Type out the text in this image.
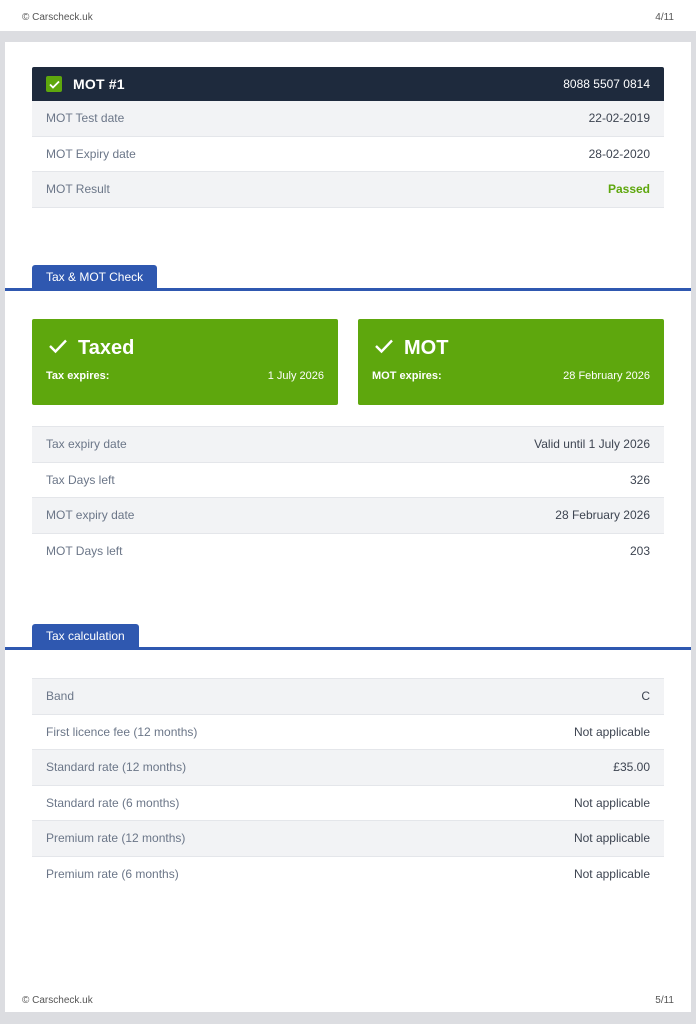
© Carscheck.uk	4/11
MOT #1	8088 5507 0814
MOT Test date	22-02-2019
MOT Expiry date	28-02-2020
MOT Result	Passed
Tax & MOT Check
Taxed
Tax expires:	1 July 2026
MOT
MOT expires:	28 February 2026
Tax expiry date	Valid until 1 July 2026
Tax Days left	326
MOT expiry date	28 February 2026
MOT Days left	203
Tax calculation
Band	C
First licence fee (12 months)	Not applicable
Standard rate (12 months)	£35.00
Standard rate (6 months)	Not applicable
Premium rate (12 months)	Not applicable
Premium rate (6 months)	Not applicable
© Carscheck.uk	5/11
